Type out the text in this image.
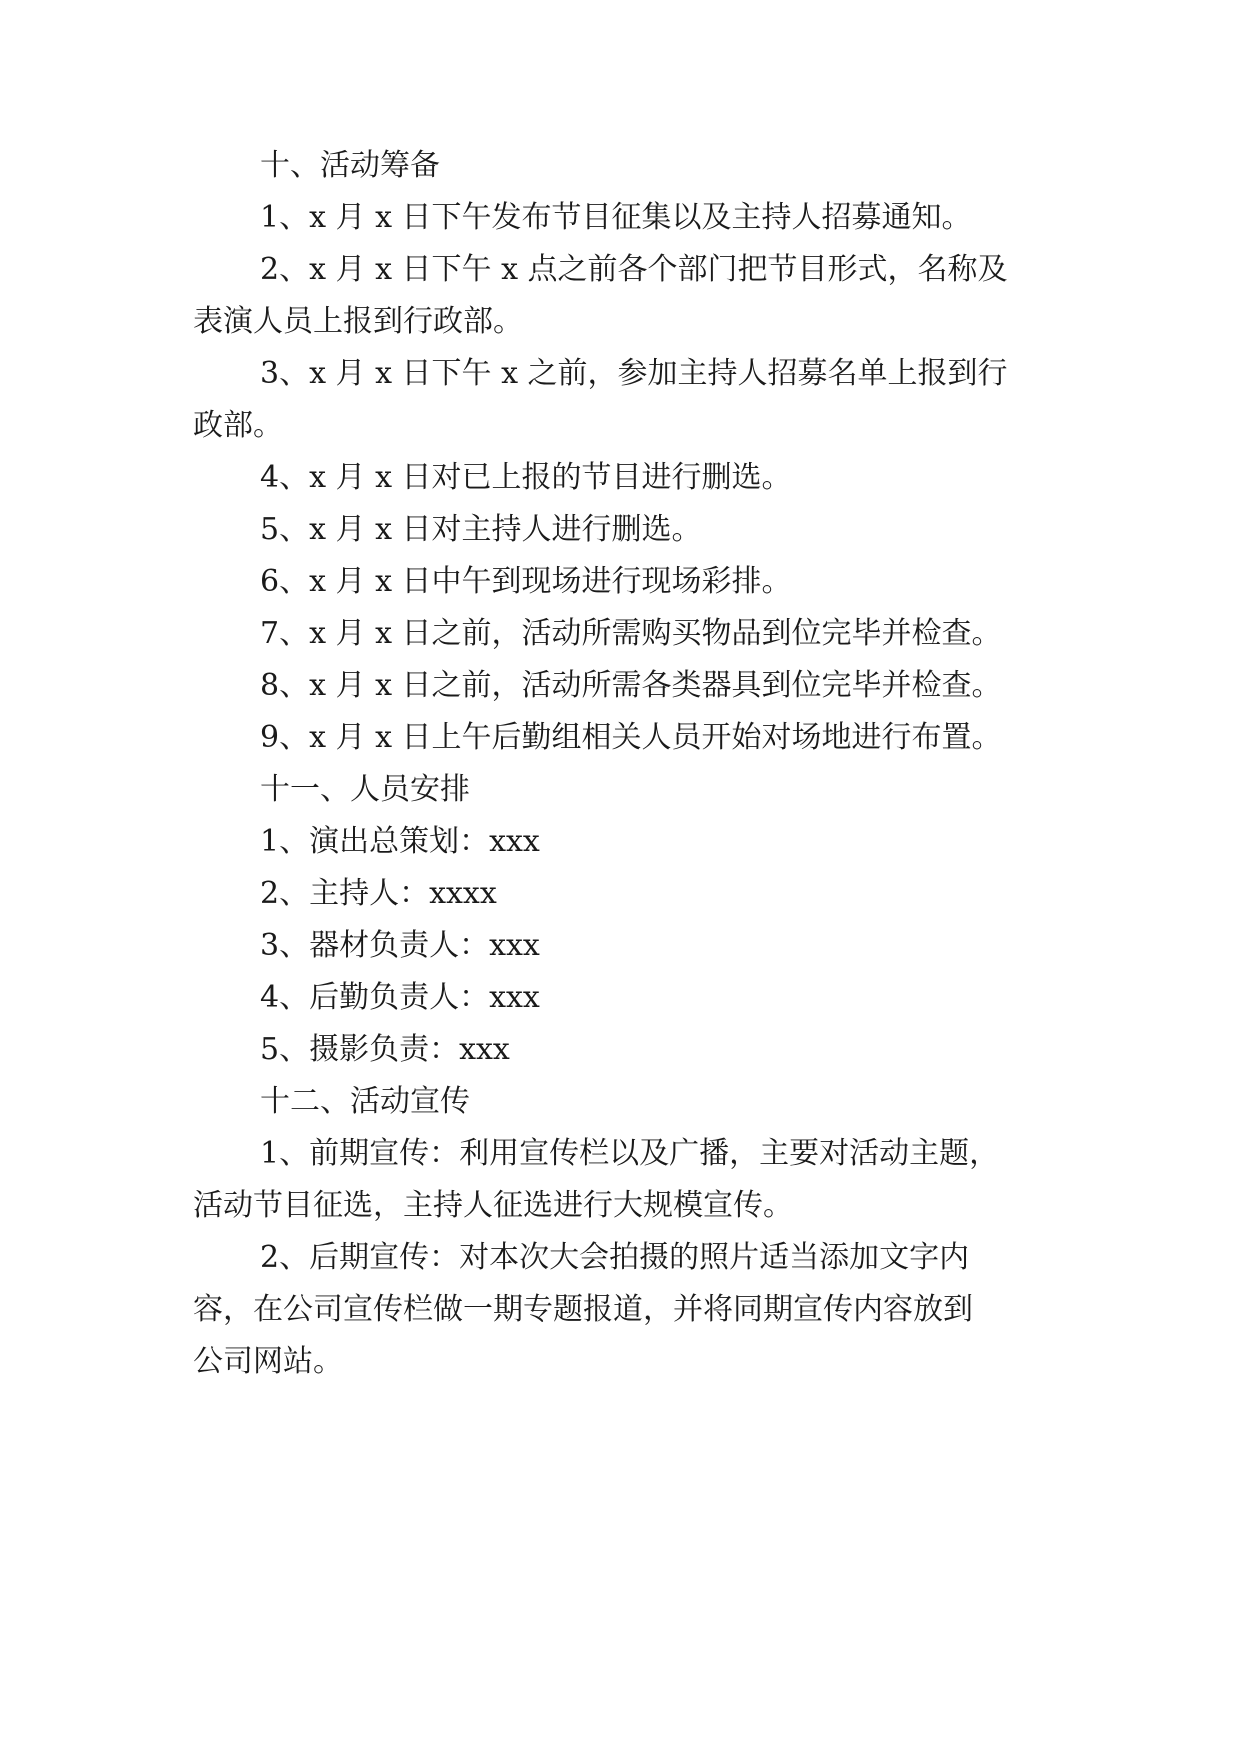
十、活动筹备
1、x 月 x 日下午发布节目征集以及主持人招募通知。
2、x 月 x 日下午 x 点之前各个部门把节目形式，名称及
表演人员上报到行政部。
3、x 月 x 日下午 x 之前，参加主持人招募名单上报到行
政部。
4、x 月 x 日对已上报的节目进行删选。
5、x 月 x 日对主持人进行删选。
6、x 月 x 日中午到现场进行现场彩排。
7、x 月 x 日之前，活动所需购买物品到位完毕并检查。
8、x 月 x 日之前，活动所需各类器具到位完毕并检查。
9、x 月 x 日上午后勤组相关人员开始对场地进行布置。
十一、人员安排
1、演出总策划：xxx
2、主持人：xxxx
3、器材负责人：xxx
4、后勤负责人：xxx
5、摄影负责：xxx
十二、活动宣传
1、前期宣传：利用宣传栏以及广播，主要对活动主题，
活动节目征选，主持人征选进行大规模宣传。
2、后期宣传：对本次大会拍摄的照片适当添加文字内
容，在公司宣传栏做一期专题报道，并将同期宣传内容放到
公司网站。
